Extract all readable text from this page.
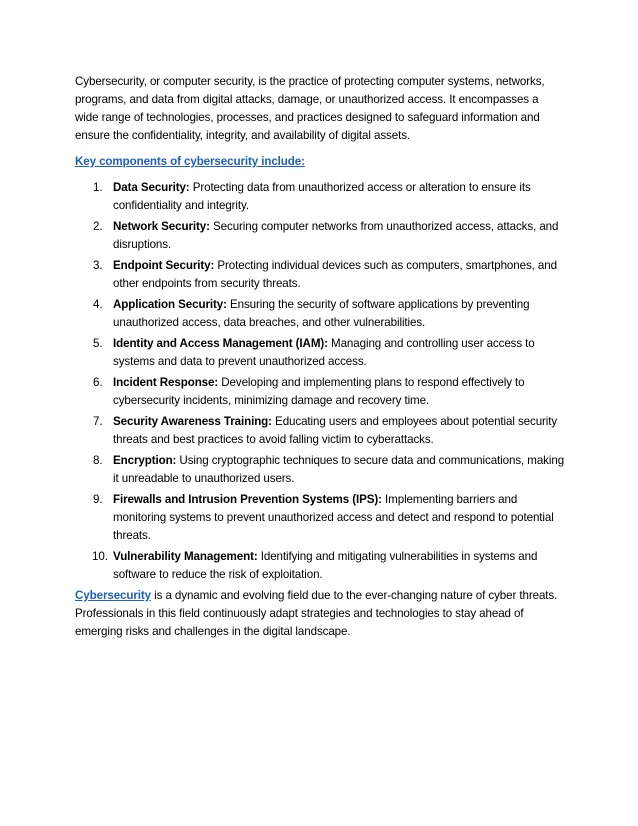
Cybersecurity, or computer security, is the practice of protecting computer systems, networks, programs, and data from digital attacks, damage, or unauthorized access. It encompasses a wide range of technologies, processes, and practices designed to safeguard information and ensure the confidentiality, integrity, and availability of digital assets.

Key components of cybersecurity include:

1. Data Security: Protecting data from unauthorized access or alteration to ensure its confidentiality and integrity.
2. Network Security: Securing computer networks from unauthorized access, attacks, and disruptions.
3. Endpoint Security: Protecting individual devices such as computers, smartphones, and other endpoints from security threats.
4. Application Security: Ensuring the security of software applications by preventing unauthorized access, data breaches, and other vulnerabilities.
5. Identity and Access Management (IAM): Managing and controlling user access to systems and data to prevent unauthorized access.
6. Incident Response: Developing and implementing plans to respond effectively to cybersecurity incidents, minimizing damage and recovery time.
7. Security Awareness Training: Educating users and employees about potential security threats and best practices to avoid falling victim to cyberattacks.
8. Encryption: Using cryptographic techniques to secure data and communications, making it unreadable to unauthorized users.
9. Firewalls and Intrusion Prevention Systems (IPS): Implementing barriers and monitoring systems to prevent unauthorized access and detect and respond to potential threats.
10. Vulnerability Management: Identifying and mitigating vulnerabilities in systems and software to reduce the risk of exploitation.

Cybersecurity is a dynamic and evolving field due to the ever-changing nature of cyber threats. Professionals in this field continuously adapt strategies and technologies to stay ahead of emerging risks and challenges in the digital landscape.
